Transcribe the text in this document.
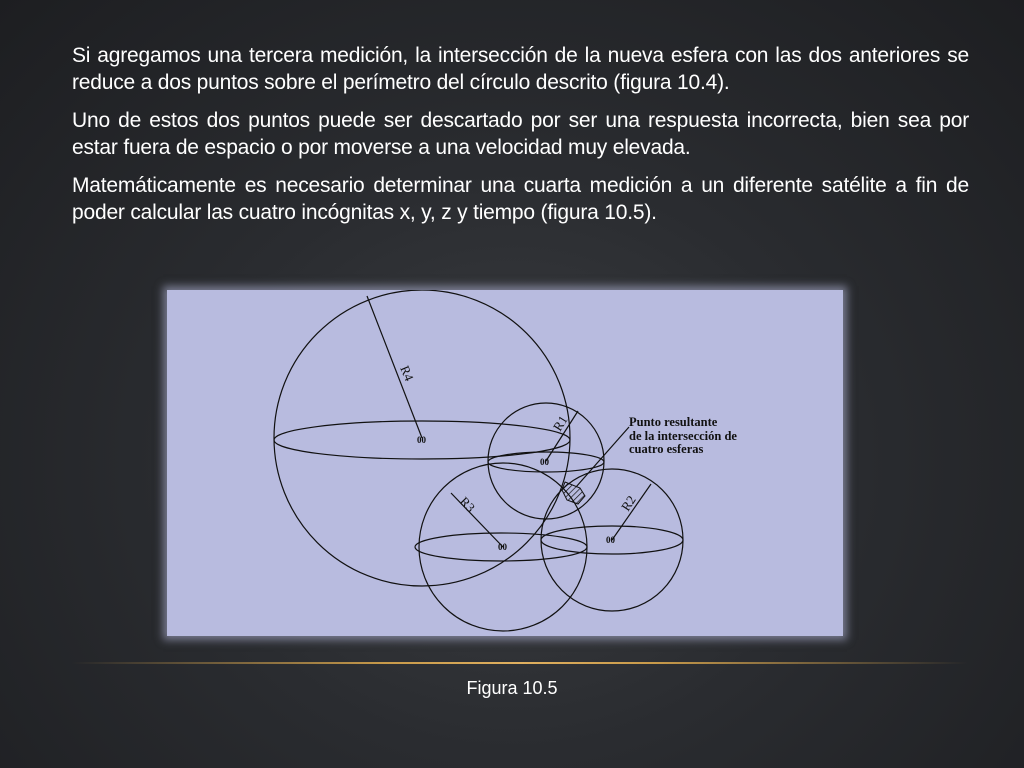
Si agregamos una tercera medición, la intersección de la nueva esfera con las dos anteriores se reduce a dos puntos sobre el perímetro del círculo descrito (figura 10.4).

Uno de estos dos puntos puede ser descartado por ser una respuesta incorrecta, bien sea por estar fuera de espacio o por moverse a una velocidad muy elevada.

Matemáticamente es necesario determinar una cuarta medición a un diferente satélite a fin de poder calcular las cuatro incógnitas x, y, z y tiempo (figura 10.5).

R4
R1
R3	R2
00
00
00
00
Punto resultante
de la intersección de
cuatro esferas
Figura 10.5
